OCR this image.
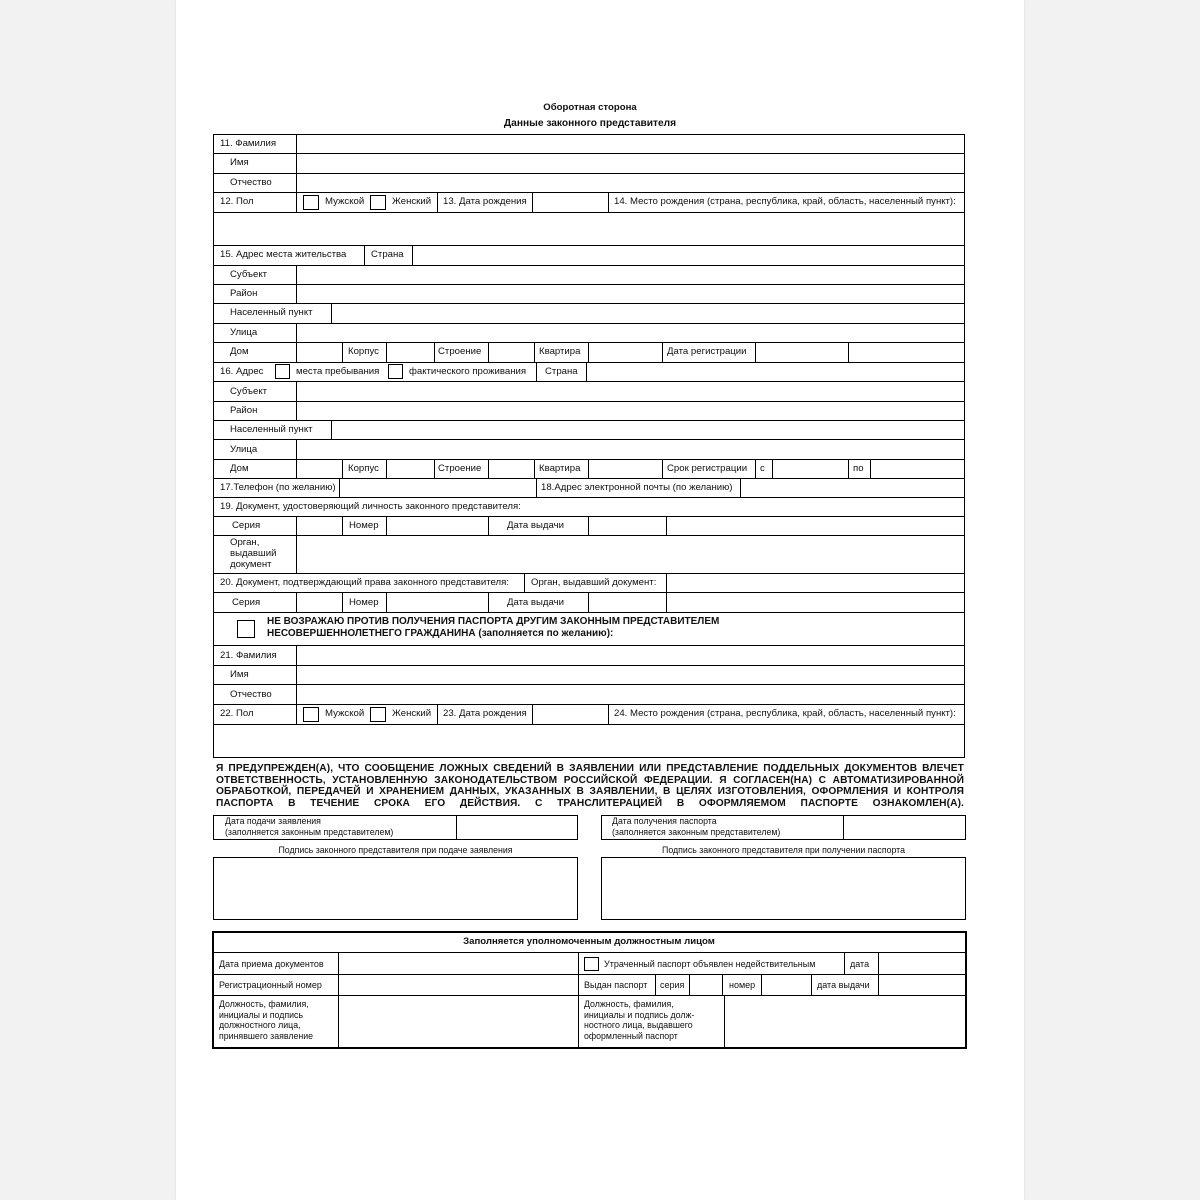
Оборотная сторона
Данные законного представителя
11. Фамилия
Имя
Отчество
12. Пол	Мужской	Женский 13. Дата рождения	14. Место рождения (страна, республика, край, область, населенный пункт):
15. Адрес места жительства	Страна
Субъект
Район
Населенный пункт
Улица
Дом	Корпус	Строение	Квартира	Дата регистрации
16. Адрес	места пребывания	фактического проживания Страна
Субъект
Район
Населенный пункт
Улица
Дом	Корпус	Строение	Квартира	Срок регистрации с	по
17.Телефон (по желанию)	18.Адрес электронной почты (по желанию)
19. Документ, удостоверяющий личность законного представителя:
Серия	Номер	Дата выдачи
Орган,
выдавший
документ
20. Документ, подтверждающий права законного представителя: Орган, выдавший документ:
Серия	Номер	Дата выдачи
НЕ ВОЗРАЖАЮ ПРОТИВ ПОЛУЧЕНИЯ ПАСПОРТА ДРУГИМ ЗАКОННЫМ ПРЕДСТАВИТЕЛЕМ
НЕСОВЕРШЕННОЛЕТНЕГО ГРАЖДАНИНА (заполняется по желанию):
21. Фамилия
Имя
Отчество
22. Пол	Мужской	Женский 23. Дата рождения	24. Место рождения (страна, республика, край, область, населенный пункт):
Я ПРЕДУПРЕЖДЕН(А), ЧТО СООБЩЕНИЕ ЛОЖНЫХ СВЕДЕНИЙ В ЗАЯВЛЕНИИ ИЛИ ПРЕДСТАВЛЕНИЕ ПОДДЕЛЬНЫХ ДОКУМЕНТОВ ВЛЕЧЕТ ОТВЕТСТВЕННОСТЬ, УСТАНОВЛЕННУЮ ЗАКОНОДАТЕЛЬСТВОМ РОССИЙСКОЙ ФЕДЕРАЦИИ. Я СОГЛАСЕН(НА) С АВТОМАТИЗИРОВАННОЙ ОБРАБОТКОЙ, ПЕРЕДАЧЕЙ И ХРАНЕНИЕМ ДАННЫХ, УКАЗАННЫХ В ЗАЯВЛЕНИИ, В ЦЕЛЯХ ИЗГОТОВЛЕНИЯ, ОФОРМЛЕНИЯ И КОНТРОЛЯ ПАСПОРТА В ТЕЧЕНИЕ СРОКА ЕГО ДЕЙСТВИЯ. С ТРАНСЛИТЕРАЦИЕЙ В ОФОРМЛЯЕМОМ ПАСПОРТЕ ОЗНАКОМЛЕН(А).
Дата подачи заявления
(заполняется законным представителем)
Дата получения паспорта
(заполняется законным представителем)
Подпись законного представителя при подаче заявления	Подпись законного представителя при получении паспорта
Заполняется уполномоченным должностным лицом
Дата приема документов	Утраченный паспорт объявлен недействительным	дата
Регистрационный номер	Выдан паспорт серия	номер	дата выдачи
Должность, фамилия,
инициалы и подпись
должностного лица,
принявшего заявление
Должность, фамилия,
инициалы и подпись долж-
ностного лица, выдавшего
оформленный паспорт
